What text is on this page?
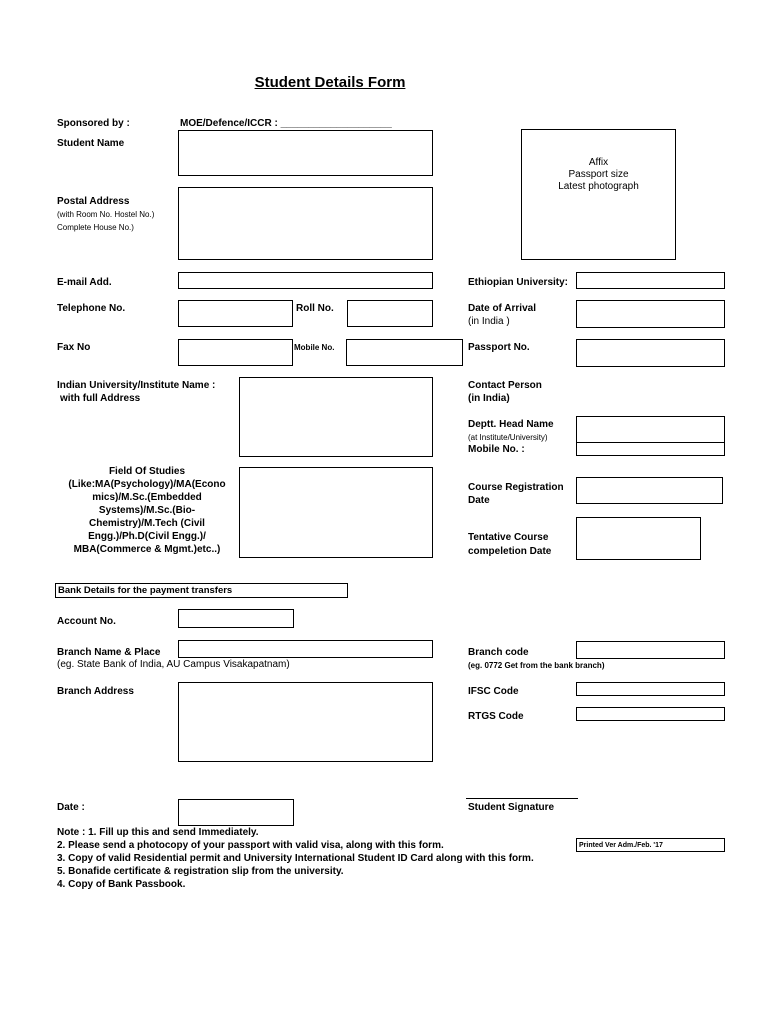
Student Details Form
Sponsored by :	MOE/Defence/ICCR : ____________________
Student Name
Affix
Passport size
Latest photograph
Postal Address
(with Room No. Hostel No.)
Complete House No.)
E-mail Add.	Ethiopian University:
Telephone No.	Roll No.	Date of Arrival
(in India )
Fax No	Mobile No.	Passport No.
Indian University/Institute Name :
with full Address
Contact Person
(in India)
Deptt. Head Name
(at Institute/University)
Mobile No. :
Field Of Studies
(Like:MA(Psychology)/MA(Econo
mics)/M.Sc.(Embedded
Systems)/M.Sc.(Bio-
Chemistry)/M.Tech (Civil
Engg.)/Ph.D(Civil Engg.)/
MBA(Commerce & Mgmt.)etc..)
Course Registration
Date
Tentative Course
compeletion Date
Bank Details for the payment transfers
Account No.
Branch Name & Place
(eg. State Bank of India, AU Campus Visakapatnam)
Branch code
(eg. 0772 Get from the bank branch)
Branch Address	IFSC Code
RTGS Code
Date :	Student Signature
Printed Ver Adm./Feb. '17
Note : 1. Fill up this and send Immediately.
2. Please send a photocopy of your passport with valid visa, along with this form.
3. Copy of valid Residential permit and University International Student ID Card along with this form.
5. Bonafide certificate & registration slip from the university.
4. Copy of Bank Passbook.
